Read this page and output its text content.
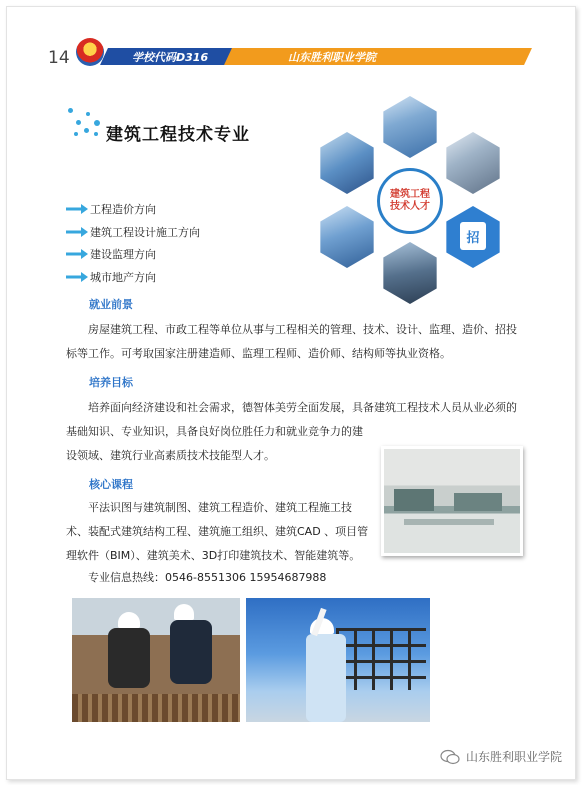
14	学校代码D316	山东胜利职业学院
建筑工程技术专业
建筑工程技术人才
招
工程造价方向
建筑工程设计施工方向
建设监理方向
城市地产方向
就业前景
房屋建筑工程、市政工程等单位从事与工程相关的管理、技术、设计、监理、造价、招投标等工作。可考取国家注册建造师、监理工程师、造价师、结构师等执业资格。
培养目标
培养面向经济建设和社会需求，德智体美劳全面发展，具备建筑工程技术人员从业必须的
基础知识、专业知识，具备良好岗位胜任力和就业竞争力的建
设领域、建筑行业高素质技术技能型人才。
核心课程
平法识图与建筑制图、建筑工程造价、建筑工程施工技
术、装配式建筑结构工程、建筑施工组织、建筑CAD 、项目管
理软件（BIM）、建筑美术、3D打印建筑技术、智能建筑等。
专业信息热线：0546-8551306 15954687988
山东胜利职业学院
